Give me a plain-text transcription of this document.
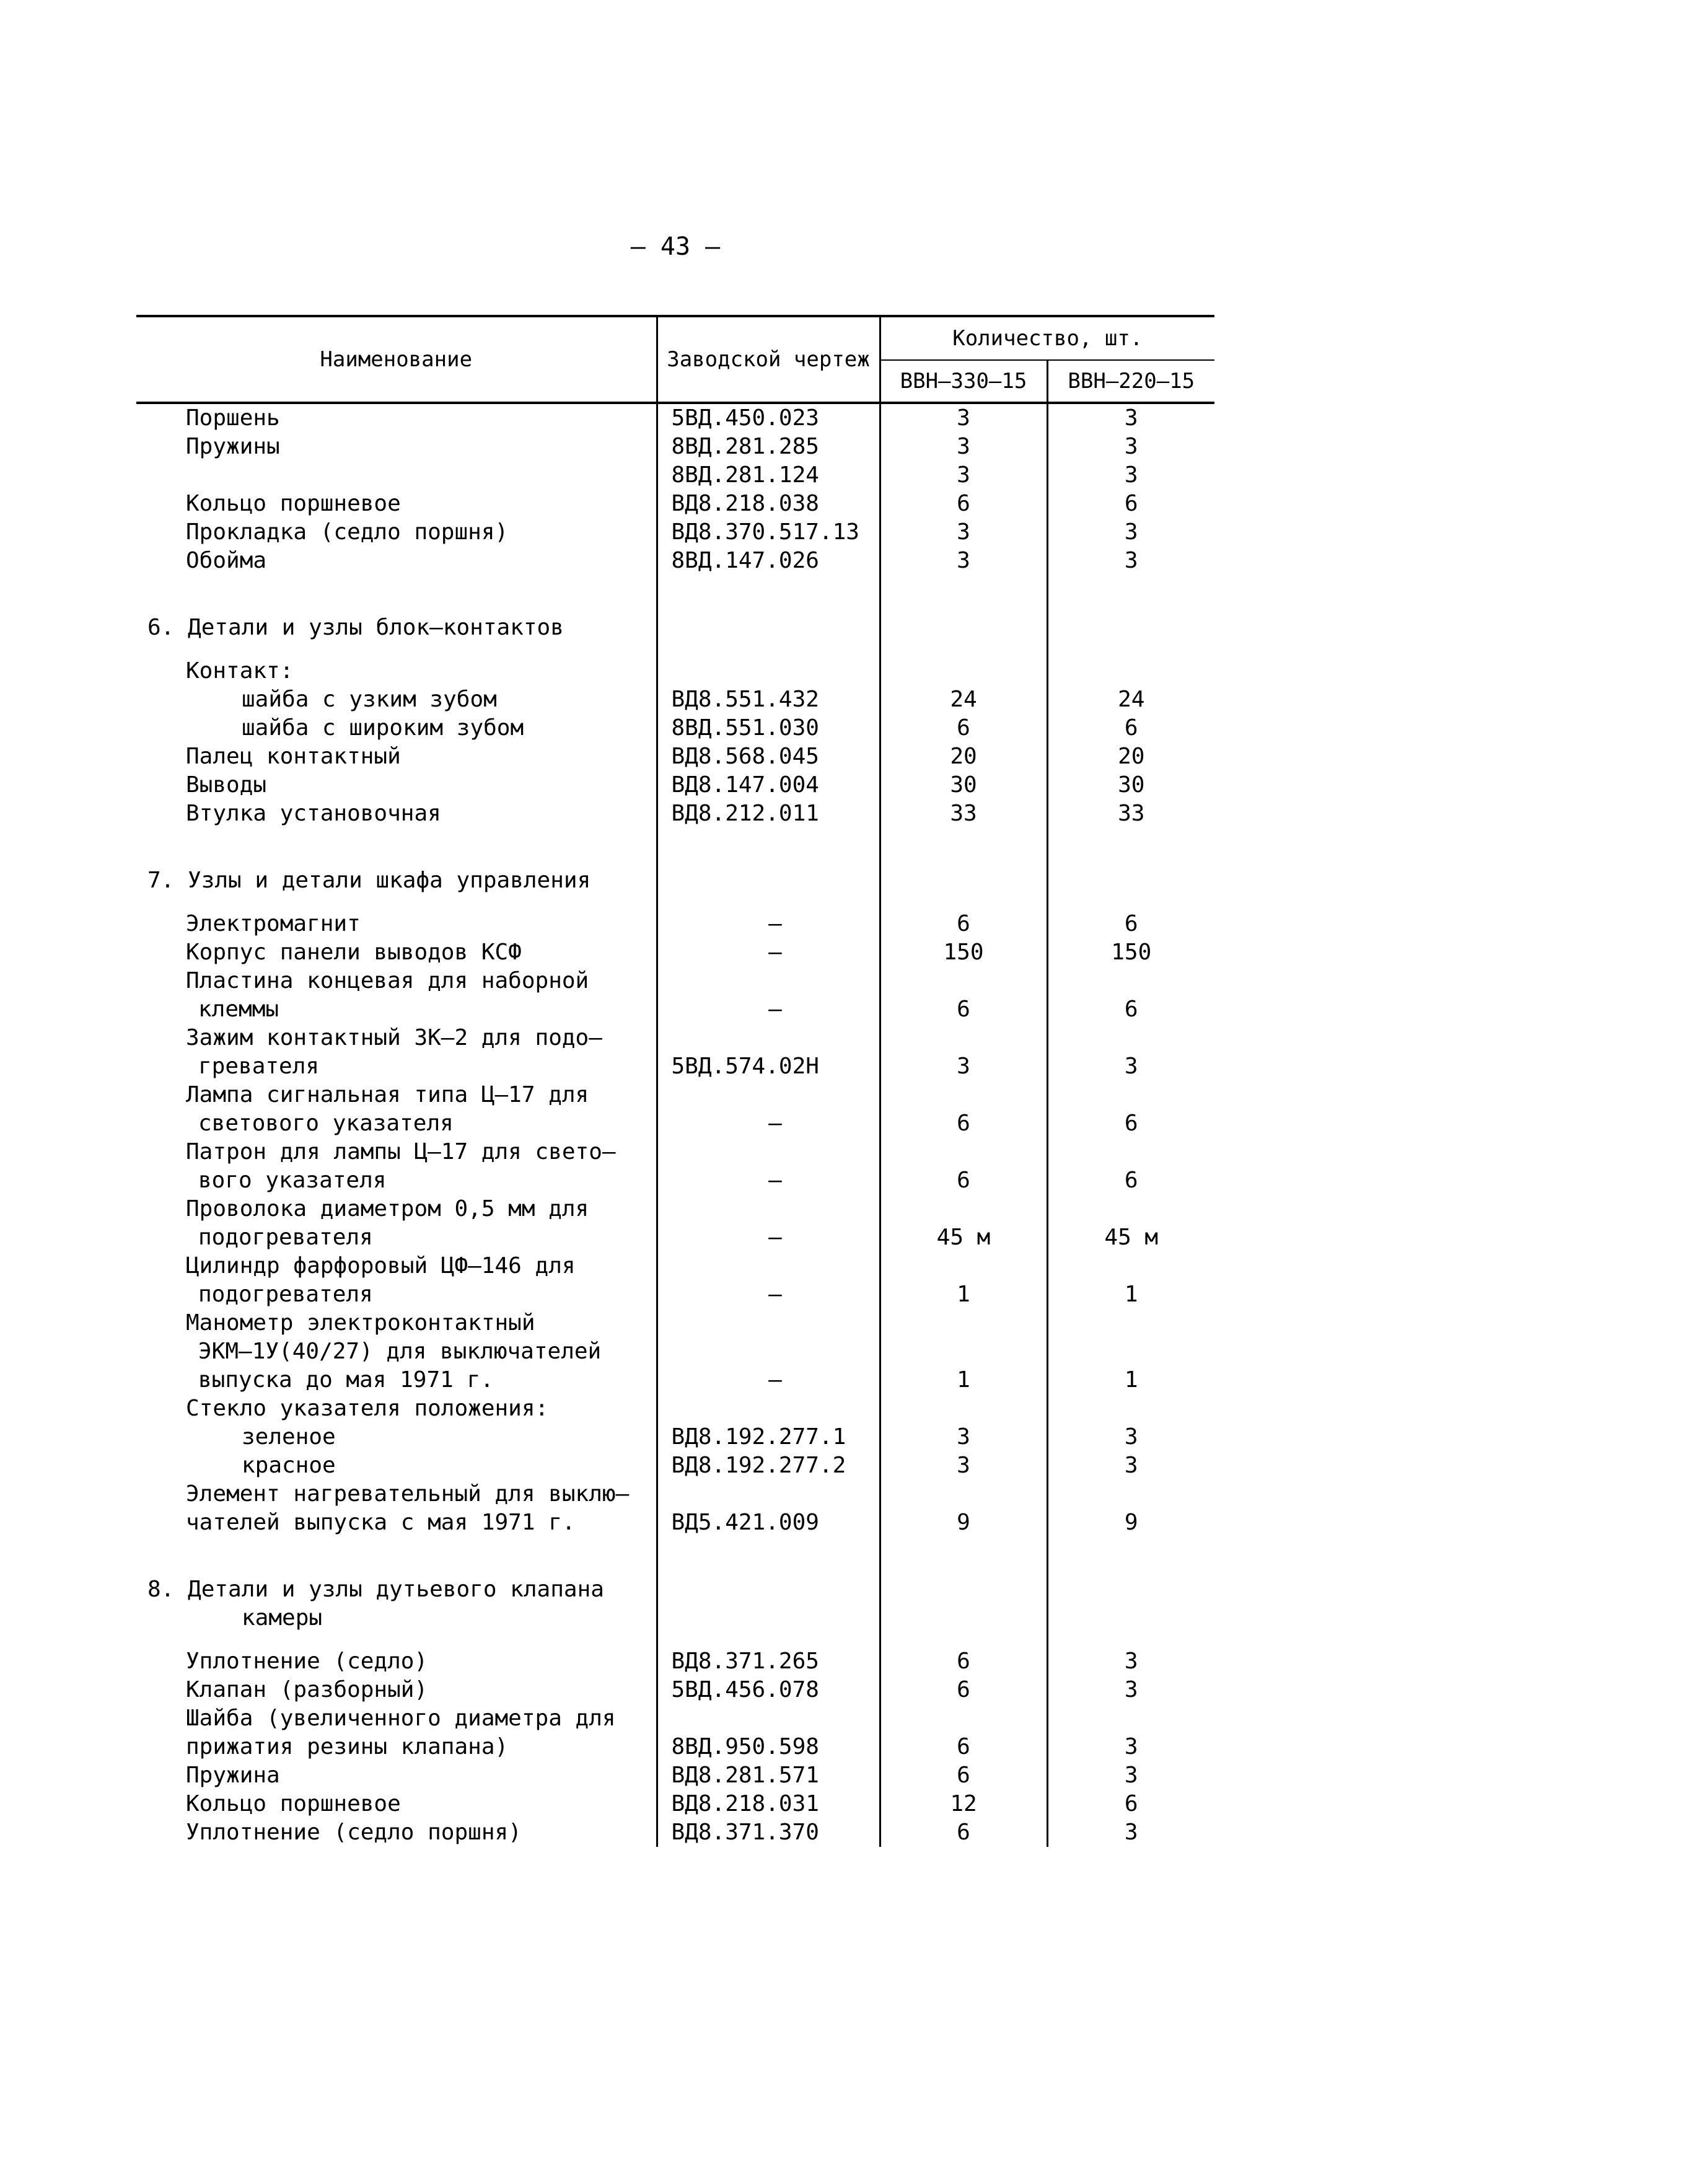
– 43 –
Наименование	Заводской чертеж	Количество, шт.	
		ВВН–330–15	ВВН–220–15
Поршень	5ВД.450.023	3	3
Пружины	8ВД.281.285	3	3
	8ВД.281.124	3	3
Кольцо поршневое	ВД8.218.038	6	6
Прокладка (седло поршня)	ВД8.370.517.13	3	3
Обойма	8ВД.147.026	3	3

6. Детали и узлы блок–контактов			
Контакт:			
шайба с узким зубом	ВД8.551.432	24	24
шайба с широким зубом	8ВД.551.030	6	6
Палец контактный	ВД8.568.045	20	20
Выводы	ВД8.147.004	30	30
Втулка установочная	ВД8.212.011	33	33

7. Узлы и детали шкафа управления			
Электромагнит	–	6	6
Корпус панели выводов КСФ	–	150	150
Пластина концевая для наборной			
клеммы	–	6	6
Зажим контактный ЗК–2 для подо–			
гревателя	5ВД.574.02Н	3	3
Лампа сигнальная типа Ц–17 для			
светового указателя	–	6	6
Патрон для лампы Ц–17 для свето–			
вого указателя	–	6	6
Проволока диаметром 0,5 мм для			
подогревателя	–	45 м	45 м
Цилиндр фарфоровый ЦФ–146 для			
подогревателя	–	1	1
Манометр электроконтактный			
ЭКМ–1У(40/27) для выключателей			
выпуска до мая 1971 г.	–	1	1
Стекло указателя положения:			
зеленое	ВД8.192.277.1	3	3
красное	ВД8.192.277.2	3	3
Элемент нагревательный для выклю–			
чателей выпуска с мая 1971 г.	ВД5.421.009	9	9

8. Детали и узлы дутьевого клапана			
камеры			
Уплотнение (седло)	ВД8.371.265	6	3
Клапан (разборный)	5ВД.456.078	6	3
Шайба (увеличенного диаметра для			
прижатия резины клапана)	8ВД.950.598	6	3
Пружина	ВД8.281.571	6	3
Кольцо поршневое	ВД8.218.031	12	6
Уплотнение (седло поршня)	ВД8.371.370	6	3
